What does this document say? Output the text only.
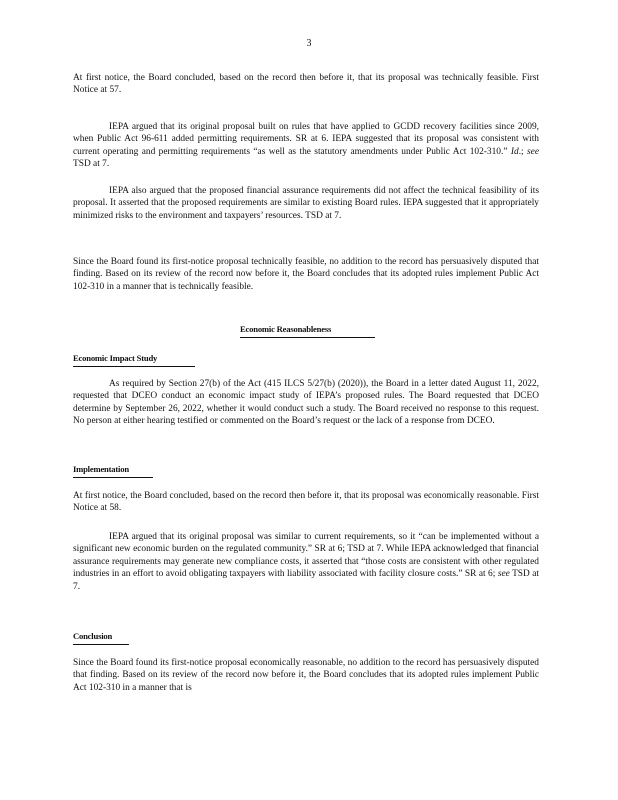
3

At first notice, the Board concluded, based on the record then before it, that its proposal was technically feasible. First Notice at 57.

IEPA argued that its original proposal built on rules that have applied to GCDD recovery facilities since 2009, when Public Act 96-611 added permitting requirements. SR at 6. IEPA suggested that its proposal was consistent with current operating and permitting requirements “as well as the statutory amendments under Public Act 102-310.” Id.; see TSD at 7.

IEPA also argued that the proposed financial assurance requirements did not affect the technical feasibility of its proposal. It asserted that the proposed requirements are similar to existing Board rules. IEPA suggested that it appropriately minimized risks to the environment and taxpayers’ resources. TSD at 7.

Since the Board found its first-notice proposal technically feasible, no addition to the record has persuasively disputed that finding. Based on its review of the record now before it, the Board concludes that its adopted rules implement Public Act 102-310 in a manner that is technically feasible.

Economic Reasonableness
Economic Impact Study

As required by Section 27(b) of the Act (415 ILCS 5/27(b) (2020)), the Board in a letter dated August 11, 2022, requested that DCEO conduct an economic impact study of IEPA’s proposed rules. The Board requested that DCEO determine by September 26, 2022, whether it would conduct such a study. The Board received no response to this request. No person at either hearing testified or commented on the Board’s request or the lack of a response from DCEO.

Implementation

At first notice, the Board concluded, based on the record then before it, that its proposal was economically reasonable. First Notice at 58.

IEPA argued that its original proposal was similar to current requirements, so it “can be implemented without a significant new economic burden on the regulated community.” SR at 6; TSD at 7. While IEPA acknowledged that financial assurance requirements may generate new compliance costs, it asserted that “those costs are consistent with other regulated industries in an effort to avoid obligating taxpayers with liability associated with facility closure costs.” SR at 6; see TSD at 7.

Conclusion

Since the Board found its first-notice proposal economically reasonable, no addition to the record has persuasively disputed that finding. Based on its review of the record now before it, the Board concludes that its adopted rules implement Public Act 102-310 in a manner that is
